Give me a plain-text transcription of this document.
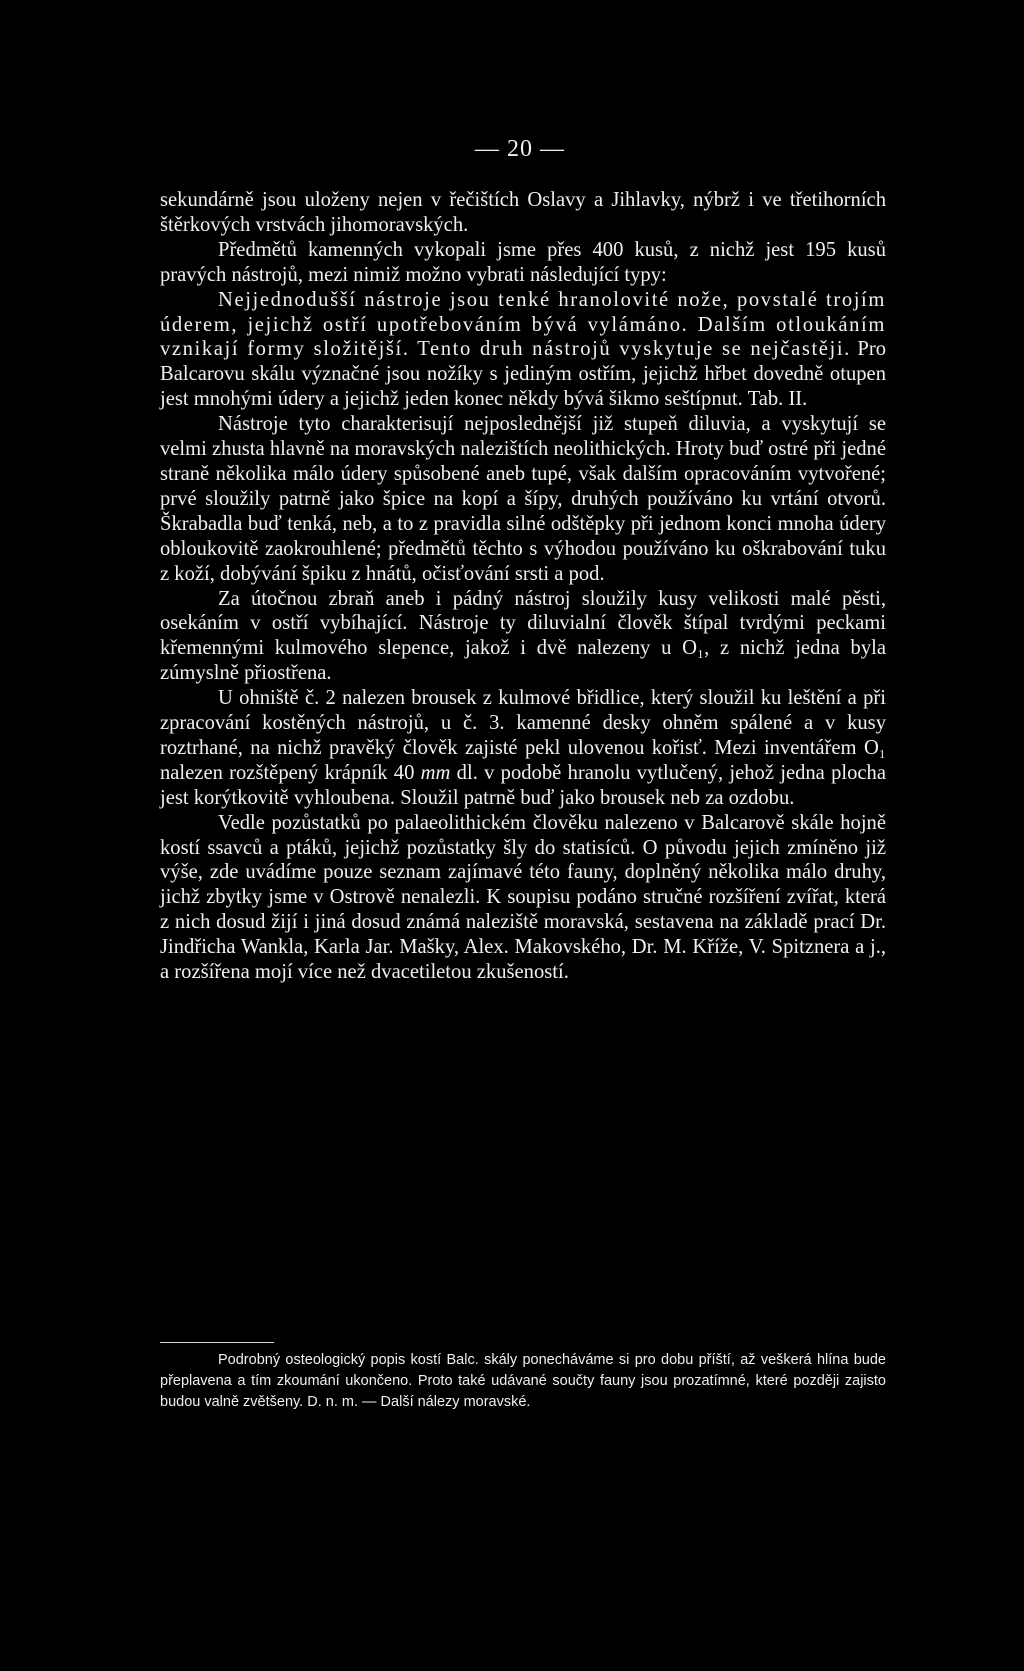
— 20 —

sekundárně jsou uloženy nejen v řečištích Oslavy a Jihlavky, nýbrž i ve třetihorních štěrkových vrstvách jihomoravských.

Předmětů kamenných vykopali jsme přes 400 kusů, z nichž jest 195 kusů pravých nástrojů, mezi nimiž možno vybrati následující typy:

Nejjednodušší nástroje jsou tenké hranolovité nože, povstalé trojím úderem, jejichž ostří upotřebováním bývá vylámáno. Dalším otloukáním vznikají formy složitější. Tento druh nástrojů vyskytuje se nejčastěji. Pro Balcarovu skálu význačné jsou nožíky s jediným ostřím, jejichž hřbet dovedně otupen jest mnohými údery a jejichž jeden konec někdy bývá šikmo seštípnut. Tab. II.

Nástroje tyto charakterisují nejposlednější již stupeň diluvia, a vyskytují se velmi zhusta hlavně na moravských nalezištích neolithických. Hroty buď ostré při jedné straně několika málo údery spůsobené aneb tupé, však dalším opracováním vytvořené; prvé sloužily patrně jako špice na kopí a šípy, druhých používáno ku vrtání otvorů. Škrabadla buď tenká, neb, a to z pravidla silné odštěpky při jednom konci mnoha údery obloukovitě zaokrouhlené; předmětů těchto s výhodou používáno ku oškrabování tuku z koží, dobývání špiku z hnátů, očisťování srsti a pod.

Za útočnou zbraň aneb i pádný nástroj sloužily kusy velikosti malé pěsti, osekáním v ostří vybíhající. Nástroje ty diluvialní člověk štípal tvrdými peckami křemennými kulmového slepence, jakož i dvě nalezeny u O₁, z nichž jedna byla zúmyslně přiostřena.

U ohniště č. 2 nalezen brousek z kulmové břidlice, který sloužil ku leštění a při zpracování kostěných nástrojů, u č. 3. kamenné desky ohněm spálené a v kusy roztrhané, na nichž pravěký člověk zajisté pekl ulovenou kořisť. Mezi inventářem O₁ nalezen rozštěpený krápník 40 mm dl. v podobě hranolu vytlučený, jehož jedna plocha jest korýtkovitě vyhloubena. Sloužil patrně buď jako brousek neb za ozdobu.

Vedle pozůstatků po palaeolithickém člověku nalezeno v Balcarově skále hojně kostí ssavců a ptáků, jejichž pozůstatky šly do statisíců. O původu jejich zmíněno již výše, zde uvádíme pouze seznam zajímavé této fauny, doplněný několika málo druhy, jichž zbytky jsme v Ostrově nenalezli. K soupisu podáno stručné rozšíření zvířat, která z nich dosud žijí i jiná dosud známá naleziště moravská, sestavena na základě prací Dr. Jindřicha Wankla, Karla Jar. Mašky, Alex. Makovského, Dr. M. Kříže, V. Spitznera a j., a rozšířena mojí více než dvacetiletou zkušeností.

Podrobný osteologický popis kostí Balc. skály ponecháváme si pro dobu příští, až veškerá hlína bude přeplavena a tím zkoumání ukončeno. Proto také udávané součty fauny jsou prozatímné, které později zajisto budou valně zvětšeny. D. n. m. — Další nálezy moravské.
